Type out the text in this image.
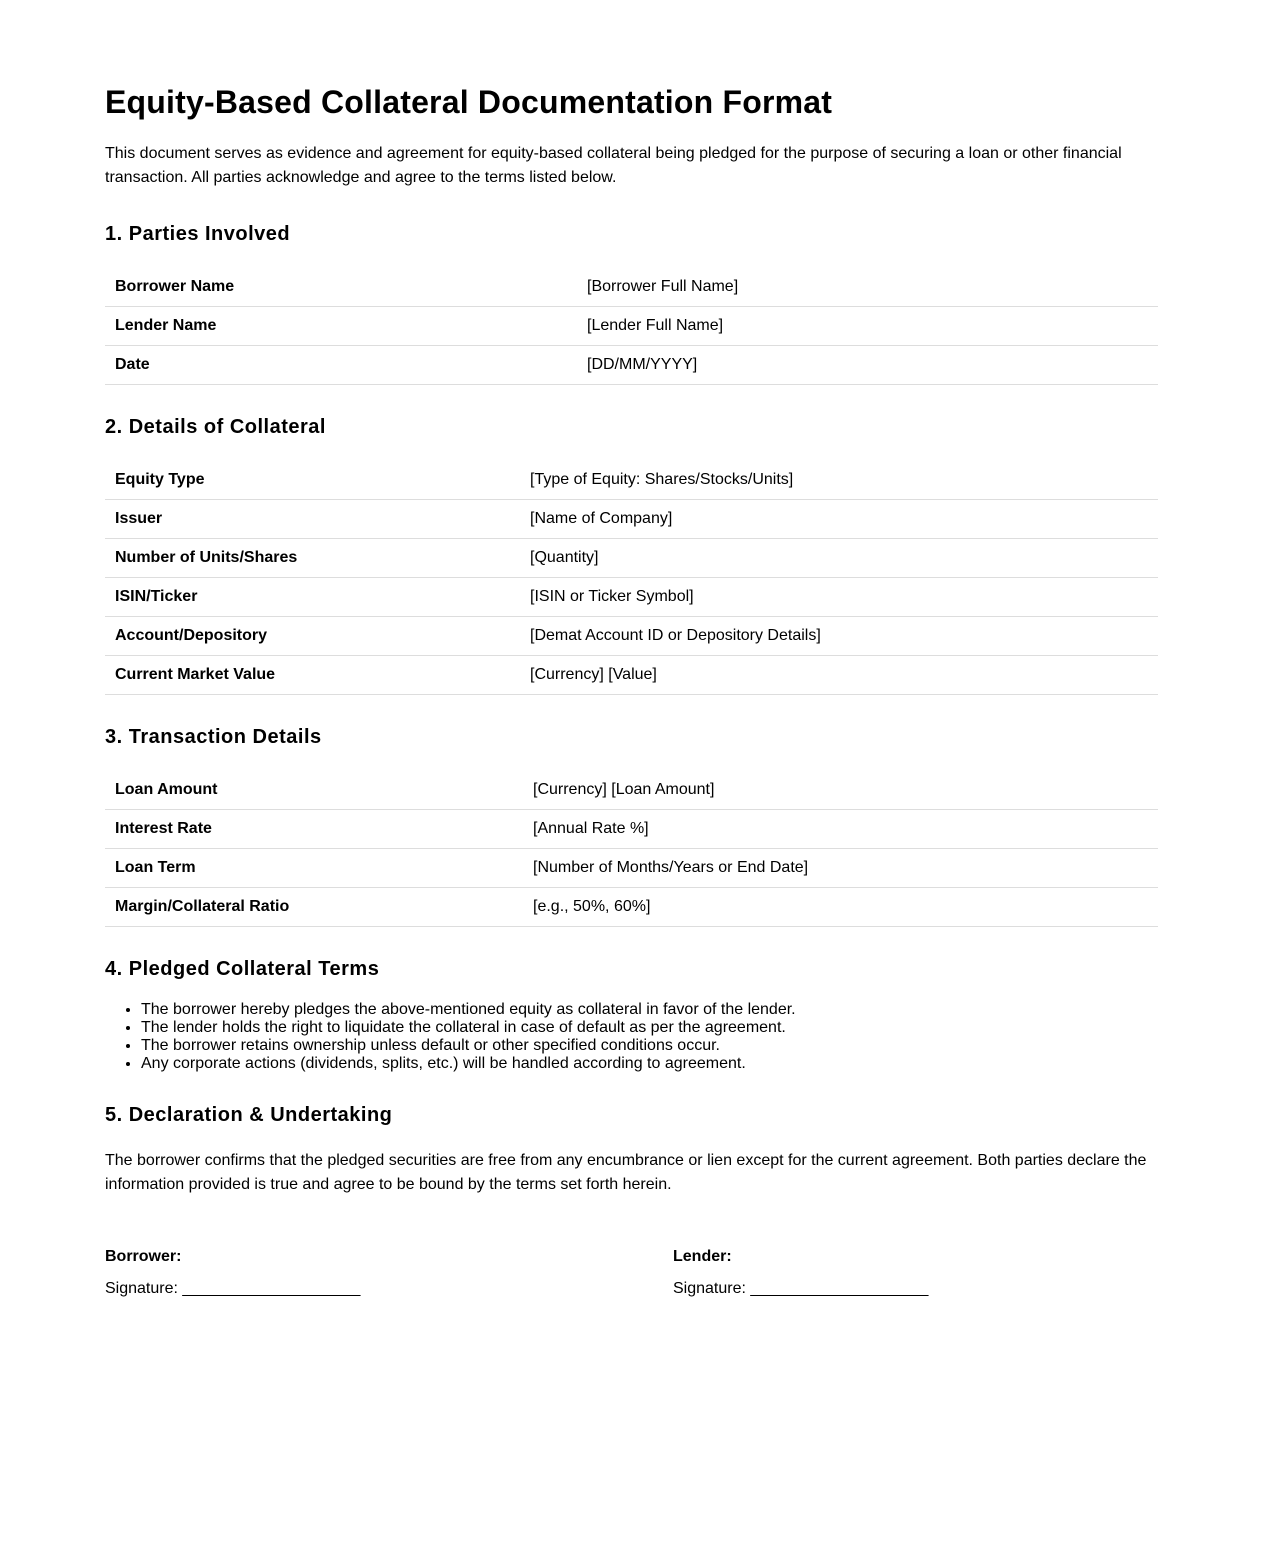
Equity-Based Collateral Documentation Format

This document serves as evidence and agreement for equity-based collateral being pledged for the purpose of securing a loan or other financial transaction. All parties acknowledge and agree to the terms listed below.

1. Parties Involved
Borrower Name	[Borrower Full Name]
Lender Name	[Lender Full Name]
Date	[DD/MM/YYYY]
2. Details of Collateral
Equity Type	[Type of Equity: Shares/Stocks/Units]
Issuer	[Name of Company]
Number of Units/Shares	[Quantity]
ISIN/Ticker	[ISIN or Ticker Symbol]
Account/Depository	[Demat Account ID or Depository Details]
Current Market Value	[Currency] [Value]
3. Transaction Details
Loan Amount	[Currency] [Loan Amount]
Interest Rate	[Annual Rate %]
Loan Term	[Number of Months/Years or End Date]
Margin/Collateral Ratio	[e.g., 50%, 60%]
4. Pledged Collateral Terms
• The borrower hereby pledges the above-mentioned equity as collateral in favor of the lender.
• The lender holds the right to liquidate the collateral in case of default as per the agreement.
• The borrower retains ownership unless default or other specified conditions occur.
• Any corporate actions (dividends, splits, etc.) will be handled according to agreement.
5. Declaration & Undertaking

The borrower confirms that the pledged securities are free from any encumbrance or lien except for the current agreement. Both parties declare the information provided is true and agree to be bound by the terms set forth herein.

Borrower:
Signature: ____________________
Lender:
Signature: ____________________
